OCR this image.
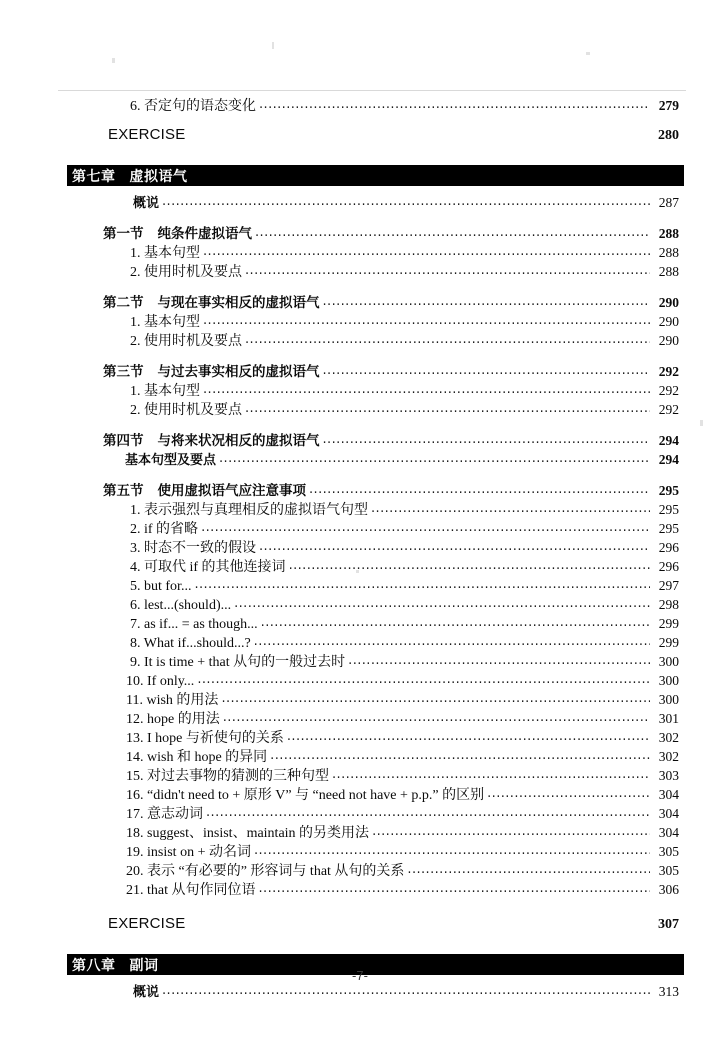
6. 否定句的语态变化 .....	279
EXERCISE .....	280
第七章 虚拟语气
概说 .....	287
第一节 纯条件虚拟语气 .....	288
1. 基本句型 .....	288
2. 使用时机及要点 .....	288
第二节 与现在事实相反的虚拟语气 .....	290
1. 基本句型 .....	290
2. 使用时机及要点 .....	290
第三节 与过去事实相反的虚拟语气 .....	292
1. 基本句型 .....	292
2. 使用时机及要点 .....	292
第四节 与将来状况相反的虚拟语气 .....	294
基本句型及要点 .....	294
第五节 使用虚拟语气应注意事项 .....	295
1. 表示强烈与真理相反的虚拟语气句型 .....	295
2. if 的省略 .....	295
3. 时态不一致的假设 .....	296
4. 可取代 if 的其他连接词 .....	296
5. but for... .....	297
6. lest...(should)... .....	298
7. as if... = as though... .....	299
8. What if...should...? .....	299
9. It is time + that 从句的一般过去时 .....	300
10. If only... .....	300
11. wish 的用法 .....	300
12. hope 的用法 .....	301
13. I hope 与祈使句的关系 .....	302
14. wish 和 hope 的异同 .....	302
15. 对过去事物的猜测的三种句型 .....	303
16. “didn't need to + 原形 V” 与 “need not have + p.p.” 的区别 .....	304
17. 意志动词 .....	304
18. suggest、insist、maintain 的另类用法 .....	304
19. insist on + 动名词 .....	305
20. 表示 “有必要的” 形容词与 that 从句的关系 .....	305
21. that 从句作同位语 .....	306
EXERCISE .....	307
第八章 副词
概说 .....	313
-7-
